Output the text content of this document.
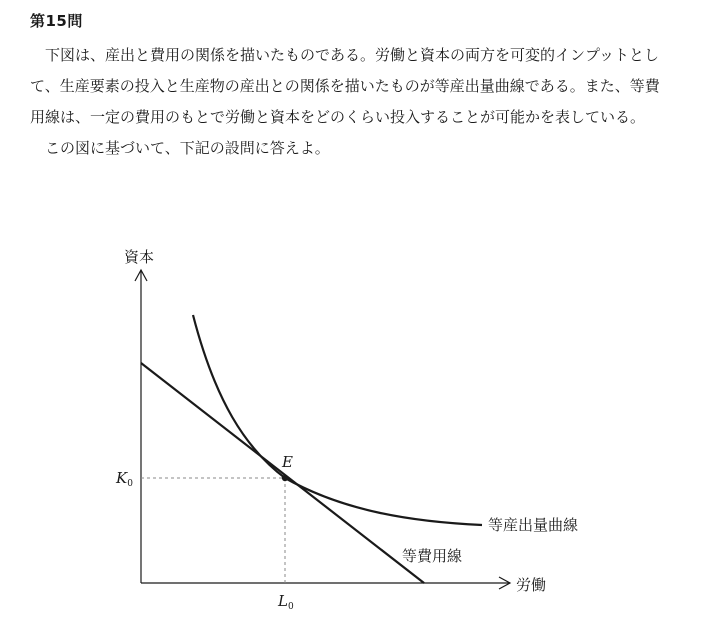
第15問

下図は、産出と費用の関係を描いたものである。労働と資本の両方を可変的インプットとして、生産要素の投入と生産物の産出との関係を描いたものが等産出量曲線である。また、等費用線は、一定の費用のもとで労働と資本をどのくらい投入することが可能かを表している。

この図に基づいて、下記の設問に答えよ。

資本
労働
E
K0
L0
等産出量曲線
等費用線
